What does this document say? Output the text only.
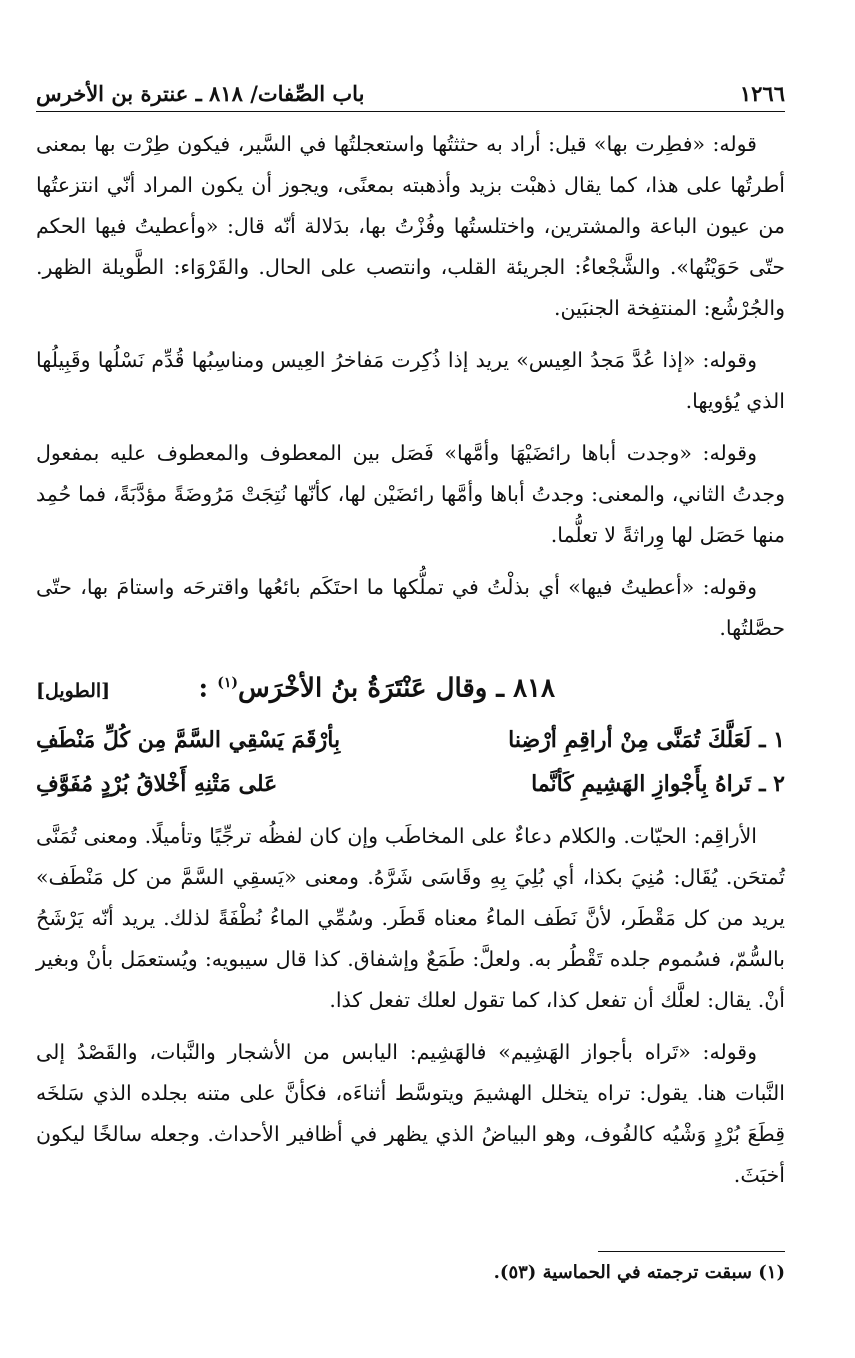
١٢٦٦
باب الصِّفات/ ٨١٨ ـ عنترة بن الأخرس

قوله: «فطِرت بها» قيل: أراد به حثثتُها واستعجلتُها في السَّير، فيكون طِرْت بها بمعنى أطرتُها على هذا، كما يقال ذهبْت بزيد وأذهبته بمعنًى، ويجوز أن يكون المراد أنّي انتزعتُها من عيون الباعة والمشترين، واختلستُها وفُزْتُ بها، بدَلالة أنّه قال: «وأعطيتُ فيها الحكم حتّى حَوَيْتُها». والشَّجْعاءُ: الجريئة القلب، وانتصب على الحال. والقَرْوَاء: الطَّويلة الظهر. والجُرْشُع: المنتفِخة الجنبَين.

وقوله: «إذا عُدَّ مَجدُ العِيس» يريد إذا ذُكِرت مَفاخرُ العِيس ومناسِبُها قُدِّم نَسْلُها وقَبِيلُها الذي يُؤويها.

وقوله: «وجدت أباها رائضَيْهَا وأمَّها» فَصَل بين المعطوف والمعطوف عليه بمفعول وجدتُ الثاني، والمعنى: وجدتُ أباها وأمَّها رائضَيْن لها، كأنّها نُتِجَتْ مَرُوضَةً مؤدَّبَةً، فما حُمِد منها حَصَل لها وِراثةً لا تعلُّما.

وقوله: «أعطيتُ فيها» أي بذلْتُ في تملُّكها ما احتَكَم بائعُها واقترحَه واستامَ بها، حتّى حصَّلتُها.

٨١٨ ـ وقال عَنْتَرَةُ بنُ الأخْرَس$^{(١)}$ :
[الطويل]
١ ـ
لَعَلَّكَ تُمَنَّى مِنْ أراقِمِ أرْضِنا
بِأرْقَمَ يَسْقِي السَّمَّ مِن كُلِّ مَنْطَفِ
٢ ـ
تَراهُ بِأَجْوازِ الهَشِيمِ كَأنَّما
عَلى مَتْنِهِ أَخْلاقُ بُرْدٍ مُفَوَّفِ

الأراقِم: الحيّات. والكلام دعاءٌ على المخاطَب وإن كان لفظُه ترجِّيًا وتأميلًا. ومعنى تُمَنَّى تُمتحَن. يُقَال: مُنِيَ بكذا، أي بُلِيَ بِهِ وقَاسَى شَرَّهُ. ومعنى «يَسقِي السَّمَّ من كل مَنْطَف» يريد من كل مَقْطَر، لأنَّ نَطَف الماءُ معناه قَطَر. وسُمِّي الماءُ نُطْفَةً لذلك. يريد أنّه يَرْشَحُ بالسُّمّ، فسُموم جلده تَقْطُر به. ولعلَّ: طَمَعٌ وإشفاق. كذا قال سيبويه: ويُستعمَل بأنْ وبغير أنْ. يقال: لعلَّك أن تفعل كذا، كما تقول لعلك تفعل كذا.

وقوله: «تَراه بأجواز الهَشِيم» فالهَشِيم: اليابس من الأشجار والنَّبات، والقَصْدُ إلى النَّبات هنا. يقول: تراه يتخلل الهشيمَ ويتوسَّط أثناءَه، فكأنَّ على متنه بجلده الذي سَلخَه قِطَعَ بُرْدٍ وَشْيُه كالفُوف، وهو البياضُ الذي يظهر في أظافير الأحداث. وجعله سالخًا ليكون أخبَثَ.

(١) سبقت ترجمته في الحماسية (٥٣).
